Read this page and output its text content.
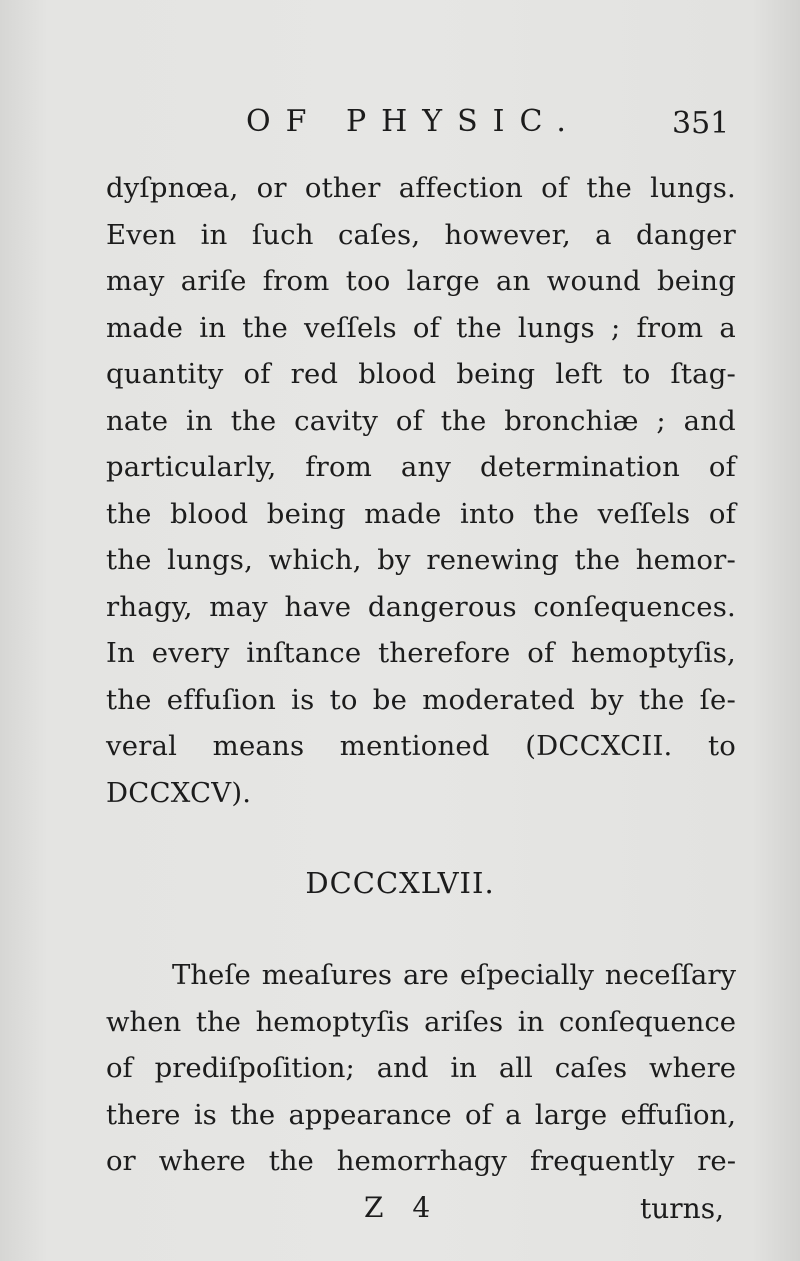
OF PHYSIC.	351
dyſpnœa, or other affection of the lungs.
Even in ſuch caſes, however, a danger
may ariſe from too large an wound being
made in the veſſels of the lungs ; from a
quantity of red blood being left to ſtag-
nate in the cavity of the bronchiæ ; and
particularly, from any determination of
the blood being made into the veſſels of
the lungs, which, by renewing the hemor-
rhagy, may have dangerous conſequences.
In every inſtance therefore of hemoptyſis,
the effuſion is to be moderated by the ſe-
veral means mentioned (DCCXCII. to
DCCXCV).
DCCCXLVII.
Theſe meaſures are eſpecially neceſſary
when the hemoptyſis ariſes in conſequence
of prediſpoſition; and in all caſes where
there is the appearance of a large effuſion,
or where the hemorrhagy frequently re-
Z 4	turns,
